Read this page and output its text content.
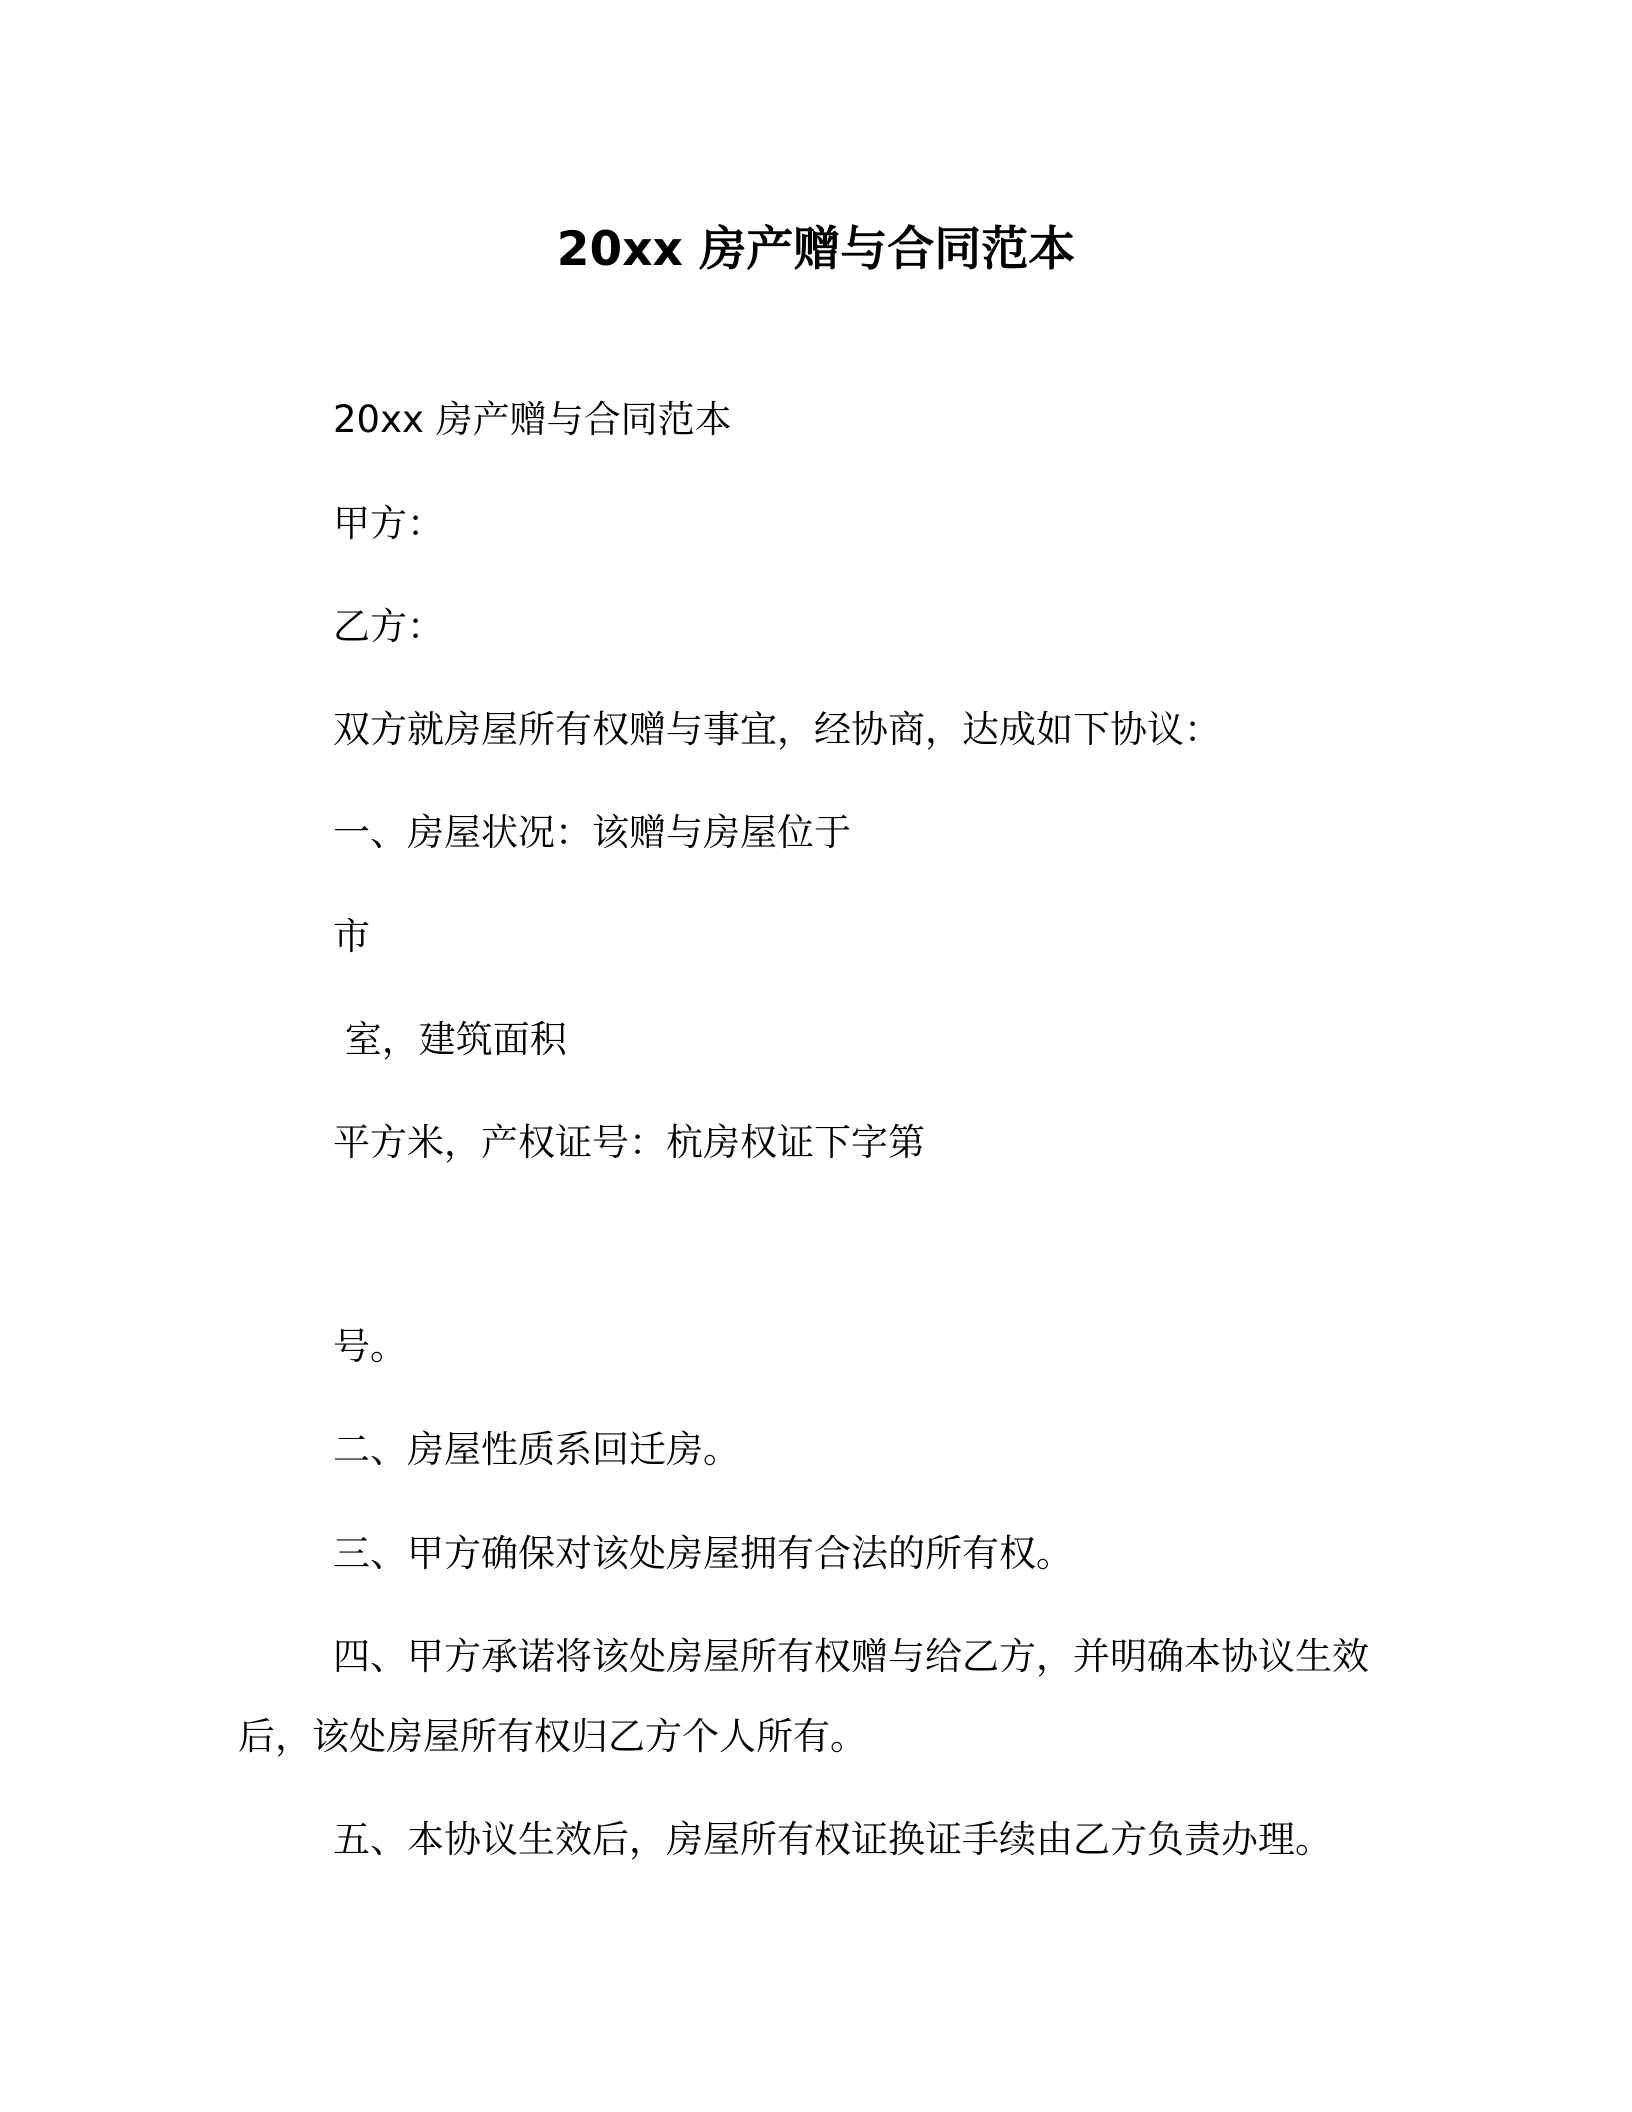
20xx 房产赠与合同范本
20xx 房产赠与合同范本
甲方：
乙方：
双方就房屋所有权赠与事宜，经协商，达成如下协议：
一、房屋状况：该赠与房屋位于
市
室，建筑面积
平方米，产权证号：杭房权证下字第
号。
二、房屋性质系回迁房。
三、甲方确保对该处房屋拥有合法的所有权。
四、甲方承诺将该处房屋所有权赠与给乙方，并明确本协议生效
后，该处房屋所有权归乙方个人所有。
五、本协议生效后，房屋所有权证换证手续由乙方负责办理。
